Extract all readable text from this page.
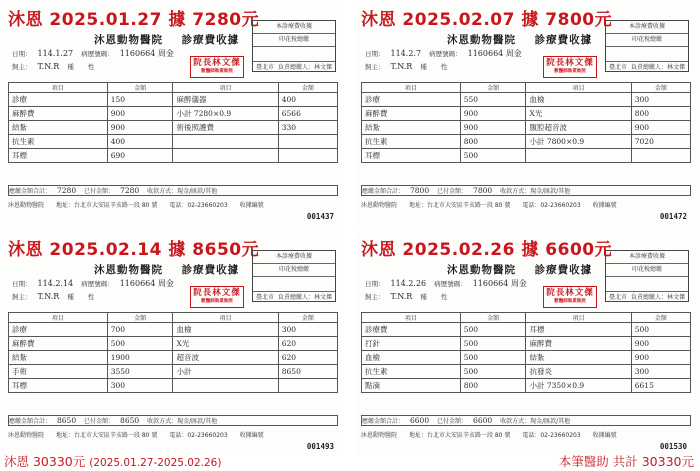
沐恩 2025.01.27 據 7280元
沐恩動物醫院 診療費收據
本診療費收據
印花稅總繳
臺北市 負責總繳人：林文傑
日期： 114.1.27 病歷號碼： 1160664 周金
飼主： T.N.R 種 性	院長林文傑
獸醫師執業執照
項目	金額	項目	金額
診療	150	麻醉儀器	400
麻醉費	900	小計 7280×0.9	6566
結紮	900	術後照護費	330
抗生素	400		
耳標	690		
應繳金額合計： 7280 已付金額： 7280 收款方式：現金/匯款/其他
沐恩動物醫院 地址：台北市大安區辛亥路一段 80 號 電話：02-23660203 收據編號
001437
沐恩 2025.02.07 據 7800元
沐恩動物醫院 診療費收據
本診療費收據
印花稅總繳
臺北市 負責總繳人：林文傑
日期： 114.2.7 病歷號碼： 1160664 周金
飼主： T.N.R 種 性	院長林文傑
獸醫師執業執照
項目	金額	項目	金額
診療	550	血檢	300
麻醉費	900	X光	800
結紮	900	腹腔超音波	900
抗生素	800	小計 7800×0.9	7020
耳標	500		
應繳金額合計： 7800 已付金額： 7800 收款方式：現金/匯款/其他
沐恩動物醫院 地址：台北市大安區辛亥路一段 80 號 電話：02-23660203 收據編號
001472
沐恩 2025.02.14 據 8650元
沐恩動物醫院 診療費收據
本診療費收據
印花稅總繳
臺北市 負責總繳人：林文傑
日期： 114.2.14 病歷號碼： 1160664 周金
飼主： T.N.R 種 性	院長林文傑
獸醫師執業執照
項目	金額	項目	金額
診療	700	血檢	300
麻醉費	500	X光	620
結紮	1900	超音波	620
手術	3550	小計	8650
耳標	300		
應繳金額合計： 8650 已付金額： 8650 收款方式：現金/匯款/其他
沐恩動物醫院 地址：台北市大安區辛亥路一段 80 號 電話：02-23660203 收據編號
001493
沐恩 2025.02.26 據 6600元
沐恩動物醫院 診療費收據
本診療費收據
印花稅總繳
臺北市 負責總繳人：林文傑
日期： 114.2.26 病歷號碼： 1160664 周金
飼主： T.N.R 種 性	院長林文傑
獸醫師執業執照
項目	金額	項目	金額
診療費	500	耳標	500
打針	500	麻醉費	900
血檢	500	結紮	900
抗生素	500	抗發炎	300
點滴	800	小計 7350×0.9	6615
應繳金額合計： 6600 已付金額： 6600 收款方式：現金/匯款/其他
沐恩動物醫院 地址：台北市大安區辛亥路一段 80 號 電話：02-23660203 收據編號
001530
沐恩 30330元 (2025.01.27-2025.02.26)	本筆醫助 共計 30330元
